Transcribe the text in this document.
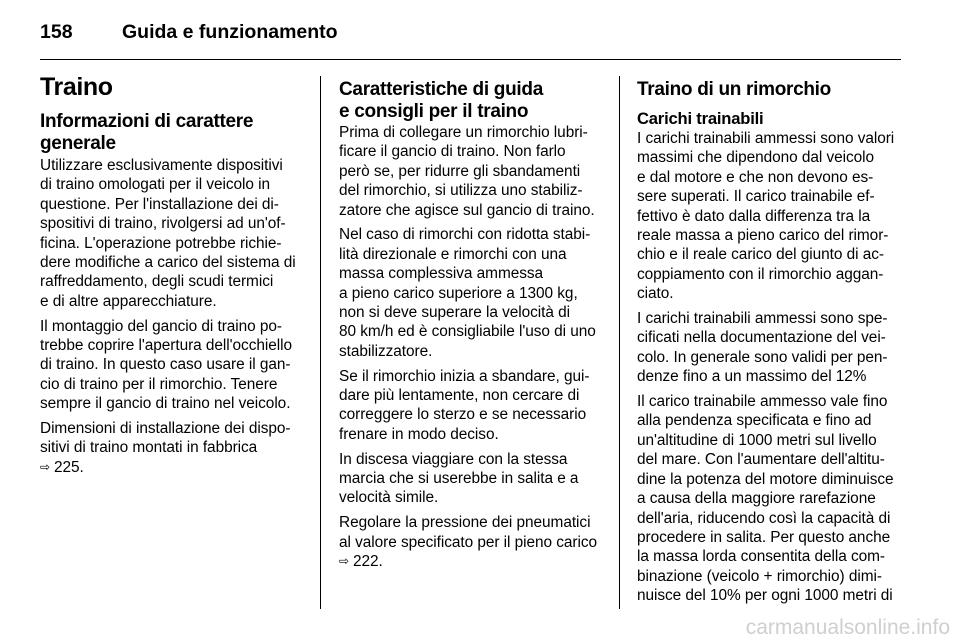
158	Guida e funzionamento
Traino
Informazioni di carattere
generale
Utilizzare esclusivamente dispositivi
di traino omologati per il veicolo in
questione. Per l'installazione dei di-
spositivi di traino, rivolgersi ad un'of-
ficina. L'operazione potrebbe richie-
dere modifiche a carico del sistema di
raffreddamento, degli scudi termici
e di altre apparecchiature.
Il montaggio del gancio di traino po-
trebbe coprire l'apertura dell'occhiello
di traino. In questo caso usare il gan-
cio di traino per il rimorchio. Tenere
sempre il gancio di traino nel veicolo.
Dimensioni di installazione dei dispo-
sitivi di traino montati in fabbrica
⇨ 225.
Caratteristiche di guida
e consigli per il traino
Prima di collegare un rimorchio lubri-
ficare il gancio di traino. Non farlo
però se, per ridurre gli sbandamenti
del rimorchio, si utilizza uno stabiliz-
zatore che agisce sul gancio di traino.
Nel caso di rimorchi con ridotta stabi-
lità direzionale e rimorchi con una
massa complessiva ammessa
a pieno carico superiore a 1300 kg,
non si deve superare la velocità di
80 km/h ed è consigliabile l'uso di uno
stabilizzatore.
Se il rimorchio inizia a sbandare, gui-
dare più lentamente, non cercare di
correggere lo sterzo e se necessario
frenare in modo deciso.
In discesa viaggiare con la stessa
marcia che si userebbe in salita e a
velocità simile.
Regolare la pressione dei pneumatici
al valore specificato per il pieno carico
⇨ 222.
Traino di un rimorchio
Carichi trainabili
I carichi trainabili ammessi sono valori
massimi che dipendono dal veicolo
e dal motore e che non devono es-
sere superati. Il carico trainabile ef-
fettivo è dato dalla differenza tra la
reale massa a pieno carico del rimor-
chio e il reale carico del giunto di ac-
coppiamento con il rimorchio aggan-
ciato.
I carichi trainabili ammessi sono spe-
cificati nella documentazione del vei-
colo. In generale sono validi per pen-
denze fino a un massimo del 12%
Il carico trainabile ammesso vale fino
alla pendenza specificata e fino ad
un'altitudine di 1000 metri sul livello
del mare. Con l'aumentare dell'altitu-
dine la potenza del motore diminuisce
a causa della maggiore rarefazione
dell'aria, riducendo così la capacità di
procedere in salita. Per questo anche
la massa lorda consentita della com-
binazione (veicolo + rimorchio) dimi-
nuisce del 10% per ogni 1000 metri di
carmanualsonline.info
